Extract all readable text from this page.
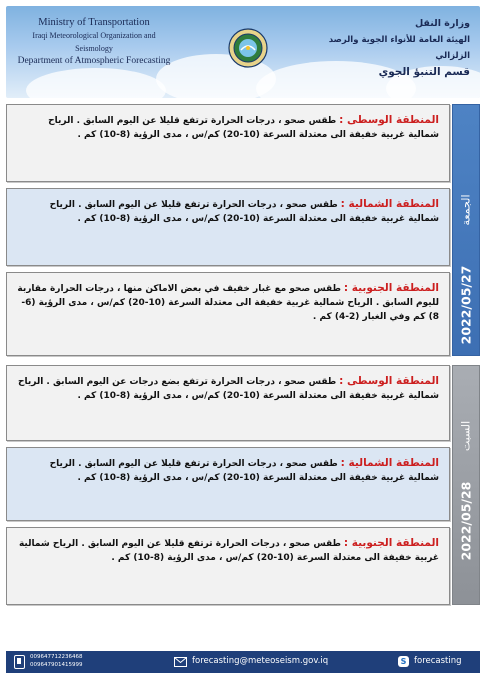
Ministry of Transportation
Iraqi Meteorological Organization and Seismology
Department of Atmospheric Forecasting
وزارة النقل
الهيئة العامة للأنواء الجوية والرصد الزلزالي
قسم التنبؤ الجوي
المنطقة الوسطى : طقس صحو ، درجات الحرارة ترتفع قليلا عن اليوم السابق . الرياح شمالية غربية خفيفة الى معتدلة السرعة (10-20) كم/س ، مدى الرؤية (8-10) كم .
المنطقة الشمالية : طقس صحو ، درجات الحرارة ترتفع قليلا عن اليوم السابق . الرياح شمالية غربية خفيفة الى معتدلة السرعة (10-20) كم/س ، مدى الرؤية (8-10) كم .
المنطقة الجنوبية : طقس صحو مع غبار خفيف في بعض الاماكن منها ، درجات الحرارة مقاربة لليوم السابق . الرياح شمالية غربية خفيفة الى معتدلة السرعة (10-20) كم/س ، مدى الرؤية (6-8) كم وفي الغبار (2-4) كم .
الجمعة
2022/05/27
المنطقة الوسطى : طقس صحو ، درجات الحرارة ترتفع بضع درجات عن اليوم السابق . الرياح شمالية غربية خفيفة الى معتدلة السرعة (10-20) كم/س ، مدى الرؤية (8-10) كم .
المنطقة الشمالية : طقس صحو ، درجات الحرارة ترتفع قليلا عن اليوم السابق . الرياح شمالية غربية خفيفة الى معتدلة السرعة (10-20) كم/س ، مدى الرؤية (8-10) كم .
المنطقة الجنوبية : طقس صحو ، درجات الحرارة ترتفع قليلا عن اليوم السابق . الرياح شمالية غربية خفيفة الى معتدلة السرعة (10-20) كم/س ، مدى الرؤية (8-10) كم .
السبت
2022/05/28
009647712236468
009647901415999	forecasting@meteoseism.gov.iq	S forecasting
